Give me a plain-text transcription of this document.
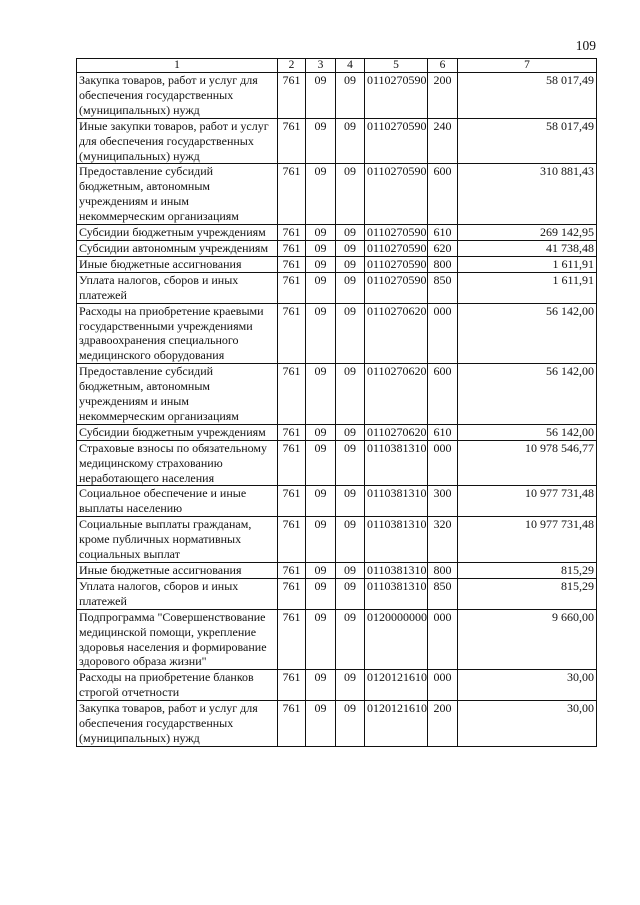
109
1	2	3	4	5	6	7
Закупка товаров, работ и услуг для обеспечения государственных (муниципальных) нужд	761	09	09	0110270590	200	58 017,49
Иные закупки товаров, работ и услуг для обеспечения государственных (муниципальных) нужд	761	09	09	0110270590	240	58 017,49
Предоставление субсидий бюджетным, автономным учреждениям и иным некоммерческим организациям	761	09	09	0110270590	600	310 881,43
Субсидии бюджетным учреждениям	761	09	09	0110270590	610	269 142,95
Субсидии автономным учреждениям	761	09	09	0110270590	620	41 738,48
Иные бюджетные ассигнования	761	09	09	0110270590	800	1 611,91
Уплата налогов, сборов и иных платежей	761	09	09	0110270590	850	1 611,91
Расходы на приобретение краевыми государственными учреждениями здравоохранения специального медицинского оборудования	761	09	09	0110270620	000	56 142,00
Предоставление субсидий бюджетным, автономным учреждениям и иным некоммерческим организациям	761	09	09	0110270620	600	56 142,00
Субсидии бюджетным учреждениям	761	09	09	0110270620	610	56 142,00
Страховые взносы по обязательному медицинскому страхованию неработающего населения	761	09	09	0110381310	000	10 978 546,77
Социальное обеспечение и иные выплаты населению	761	09	09	0110381310	300	10 977 731,48
Социальные выплаты гражданам, кроме публичных нормативных социальных выплат	761	09	09	0110381310	320	10 977 731,48
Иные бюджетные ассигнования	761	09	09	0110381310	800	815,29
Уплата налогов, сборов и иных платежей	761	09	09	0110381310	850	815,29
Подпрограмма "Совершенствование медицинской помощи, укрепление здоровья населения и формирование здорового образа жизни"	761	09	09	0120000000	000	9 660,00
Расходы на приобретение бланков строгой отчетности	761	09	09	0120121610	000	30,00
Закупка товаров, работ и услуг для обеспечения государственных (муниципальных) нужд	761	09	09	0120121610	200	30,00
